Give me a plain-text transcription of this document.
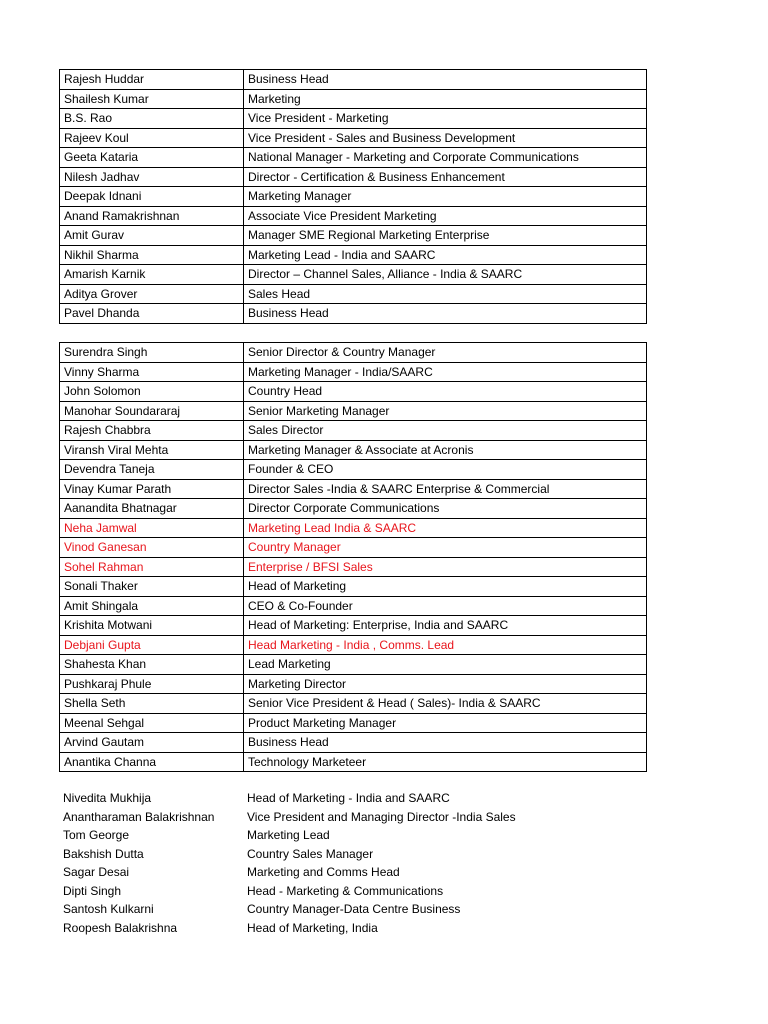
Rajesh Huddar	Business Head
Shailesh Kumar	Marketing
B.S. Rao	Vice President - Marketing
Rajeev Koul	Vice President - Sales and Business Development
Geeta Kataria	National Manager - Marketing and Corporate Communications
Nilesh Jadhav	Director - Certification & Business Enhancement
Deepak Idnani	Marketing Manager
Anand Ramakrishnan	Associate Vice President Marketing
Amit Gurav	Manager SME Regional Marketing Enterprise
Nikhil Sharma	Marketing Lead - India and SAARC
Amarish Karnik	Director – Channel Sales, Alliance - India & SAARC
Aditya Grover	Sales Head
Pavel Dhanda	Business Head
Surendra Singh	Senior Director & Country Manager
Vinny Sharma	Marketing Manager - India/SAARC
John Solomon	Country Head
Manohar Soundararaj	Senior Marketing Manager
Rajesh Chabbra	Sales Director
Viransh Viral Mehta	Marketing Manager & Associate at Acronis
Devendra Taneja	Founder & CEO
Vinay Kumar Parath	Director Sales -India & SAARC Enterprise & Commercial
Aanandita Bhatnagar	Director Corporate Communications
Neha Jamwal	Marketing Lead India & SAARC
Vinod Ganesan	Country Manager
Sohel Rahman	Enterprise / BFSI Sales
Sonali Thaker	Head of Marketing
Amit Shingala	CEO & Co-Founder
Krishita Motwani	Head of Marketing: Enterprise, India and SAARC
Debjani Gupta	Head Marketing - India , Comms. Lead
Shahesta Khan	Lead Marketing
Pushkaraj Phule	Marketing Director
Shella Seth	Senior Vice President & Head ( Sales)- India & SAARC
Meenal Sehgal	Product Marketing Manager
Arvind Gautam	Business Head
Anantika Channa	Technology Marketeer
Nivedita Mukhija	Head of Marketing - India and SAARC
Anantharaman Balakrishnan	Vice President and Managing Director -India Sales
Tom George	Marketing Lead
Bakshish Dutta	Country Sales Manager
Sagar Desai	Marketing and Comms Head
Dipti Singh	Head - Marketing & Communications
Santosh Kulkarni	Country Manager-Data Centre Business
Roopesh Balakrishna	Head of Marketing, India
